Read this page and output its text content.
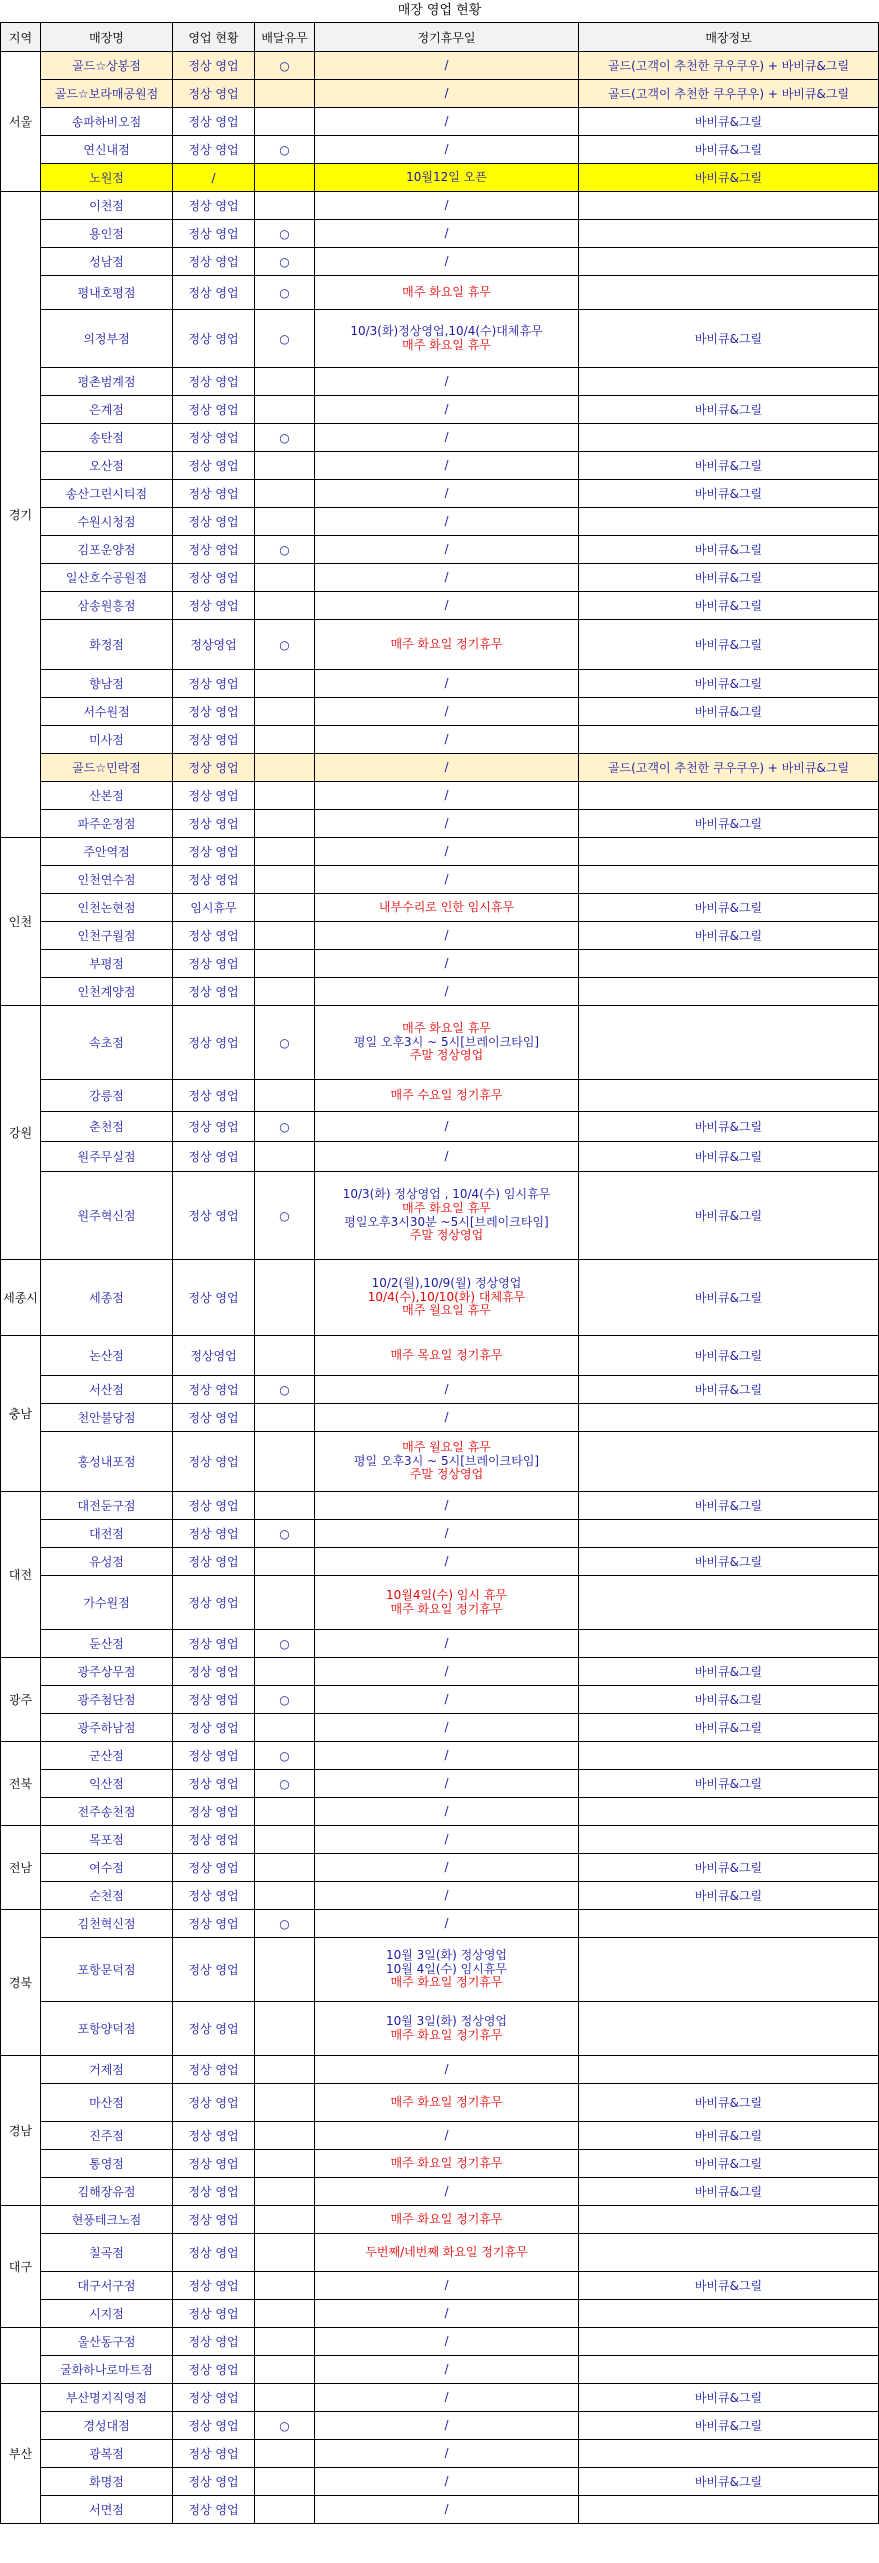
매장 영업 현황
지역	매장명	영업 현황	배달유무	정기휴무일	매장정보
서울	골드☆상봉점	정상 영업	○	/	골드(고객이 추천한 쿠우쿠우) + 바비큐&그릴
	골드☆보라매공원점	정상 영업		/	골드(고객이 추천한 쿠우쿠우) + 바비큐&그릴
	송파하비오점	정상 영업		/	바비큐&그릴
	연신내점	정상 영업	○	/	바비큐&그릴
	노원점	/		10월12일 오픈	바비큐&그릴
경기	이천점	정상 영업		/	

	용인점	정상 영업	○	/	

	성남점	정상 영업	○	/	

	평내호평점	정상 영업	○	매주 화요일 휴무	

	의정부점	정상 영업	○	10/3(화)정상영업,10/4(수)대체휴무
매주 화요일 휴무	바비큐&그릴
	평촌범계점	정상 영업		/	

	은계점	정상 영업		/	바비큐&그릴
	송탄점	정상 영업	○	/	

	오산점	정상 영업		/	바비큐&그릴
	송산그린시티점	정상 영업		/	바비큐&그릴
	수원시청점	정상 영업		/	

	김포운양점	정상 영업	○	/	바비큐&그릴
	일산호수공원점	정상 영업		/	바비큐&그릴
	삼송원흥점	정상 영업		/	바비큐&그릴
	화정점	정상영업	○	매주 화요일 정기휴무	바비큐&그릴
	향남점	정상 영업		/	바비큐&그릴
	서수원점	정상 영업		/	바비큐&그릴
	미사점	정상 영업		/	

	골드☆민락점	정상 영업		/	골드(고객이 추천한 쿠우쿠우) + 바비큐&그릴
	산본점	정상 영업		/	

	파주운정점	정상 영업		/	바비큐&그릴
인천	주안역점	정상 영업		/	

	인천연수점	정상 영업		/	

	인천논현점	임시휴무		내부수리로 인한 임시휴무	바비큐&그릴
	인천구월점	정상 영업		/	바비큐&그릴
	부평점	정상 영업		/	

	인천계양점	정상 영업		/	

강원	속초점	정상 영업	○	매주 화요일 휴무
평일 오후3시 ~ 5시[브레이크타임]
주말 정상영업	

	강릉점	정상 영업		매주 수요일 정기휴무	

	춘천점	정상 영업	○	/	바비큐&그릴
	원주무실점	정상 영업		/	바비큐&그릴
	원주혁신점	정상 영업	○	10/3(화) 정상영업 , 10/4(수) 임시휴무
매주 화요일 휴무
평일오후3시30분 ~5시[브레이크타임]
주말 정상영업	바비큐&그릴
세종시	세종점	정상 영업		10/2(월),10/9(월) 정상영업
10/4(수),10/10(화) 대체휴무
매주 월요일 휴무	바비큐&그릴
충남	논산점	정상영업		매주 목요일 정기휴무	바비큐&그릴
	서산점	정상 영업	○	/	바비큐&그릴
	천안불당점	정상 영업		/	

	홍성내포점	정상 영업		매주 월요일 휴무
평일 오후3시 ~ 5시[브레이크타임]
주말 정상영업	

대전	대전둔구점	정상 영업		/	바비큐&그릴
	대전점	정상 영업	○	/	

	유성점	정상 영업		/	바비큐&그릴
	가수원점	정상 영업		10월4일(수) 임시 휴무
매주 화요일 정기휴무	

	둔산점	정상 영업	○	/	

광주	광주상무점	정상 영업		/	바비큐&그릴
	광주첨단점	정상 영업	○	/	바비큐&그릴
	광주하남점	정상 영업		/	바비큐&그릴
전북	군산점	정상 영업	○	/	

	익산점	정상 영업	○	/	바비큐&그릴
	전주송천점	정상 영업		/	

전남	목포점	정상 영업		/	

	여수점	정상 영업		/	바비큐&그릴
	순천점	정상 영업		/	바비큐&그릴
경북	김천혁신점	정상 영업	○	/	

	포항문덕점	정상 영업		10월 3일(화) 정상영업
10월 4일(수) 임시휴무
매주 화요일 정기휴무	

	포항양덕점	정상 영업		10월 3일(화) 정상영업
매주 화요일 정기휴무	

경남	거제점	정상 영업		/	

	마산점	정상 영업		매주 화요일 정기휴무	바비큐&그릴
	진주점	정상 영업		/	바비큐&그릴
	통영점	정상 영업		매주 화요일 정기휴무	바비큐&그릴
	김해장유점	정상 영업		/	바비큐&그릴
대구	현풍테크노점	정상 영업		매주 화요일 정기휴무	

	칠곡점	정상 영업		두번째/네번째 화요일 정기휴무	

	대구서구점	정상 영업		/	바비큐&그릴
	시지점	정상 영업		/	

	울산동구점	정상 영업		/	

	굴화하나로마트점	정상 영업		/	

부산	부산명지직영점	정상 영업		/	바비큐&그릴
	경성대점	정상 영업	○	/	바비큐&그릴
	광복점	정상 영업		/	

	화명점	정상 영업		/	바비큐&그릴
	서면점	정상 영업		/	
